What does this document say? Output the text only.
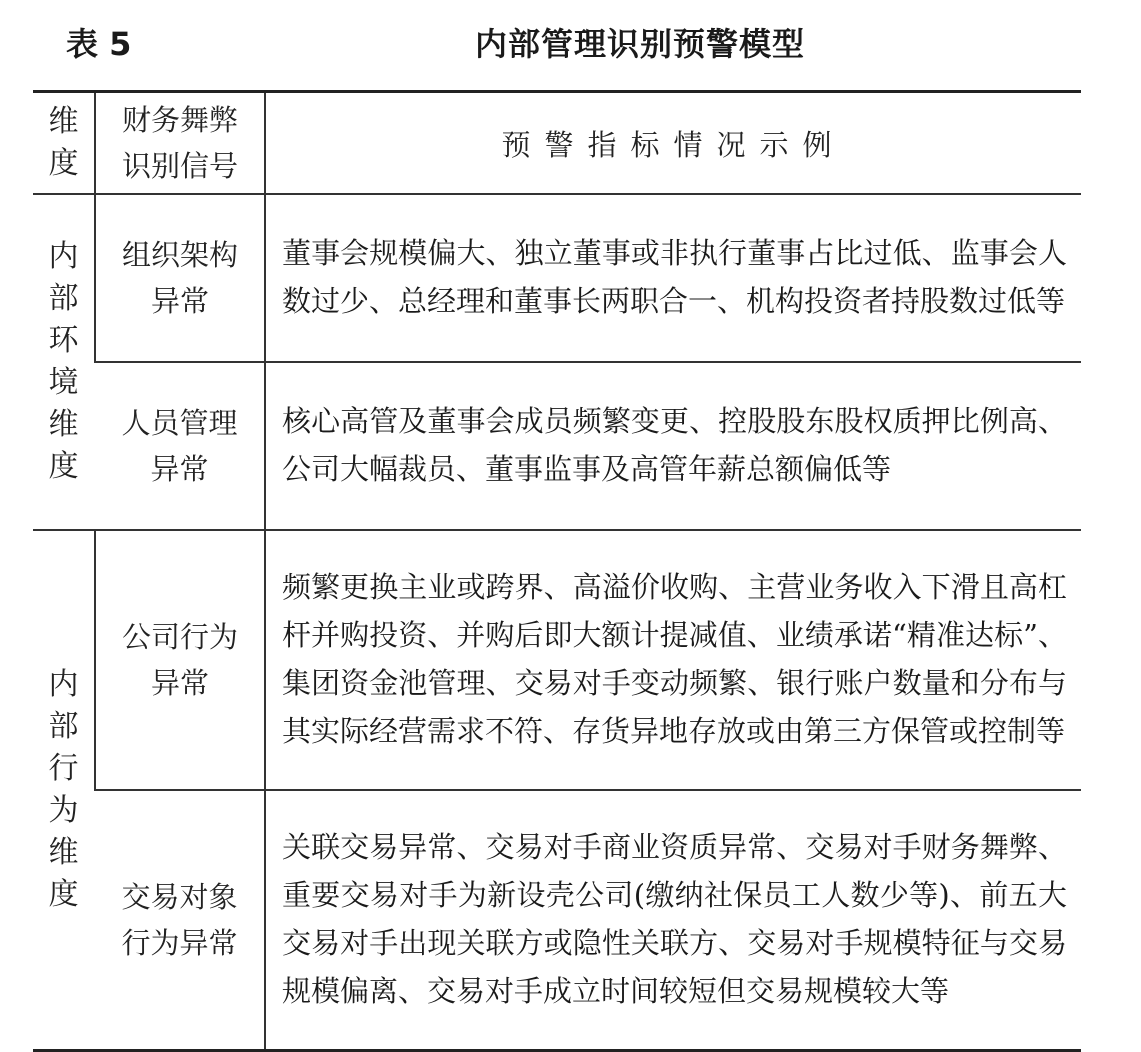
表 5	内部管理识别预警模型
维度	财务舞弊识别信号	预警指标情况示例
内部环境维度	组织架构异常	董事会规模偏大、独立董事或非执行董事占比过低、监事会人数过少、总经理和董事长两职合一、机构投资者持股数过低等
	人员管理异常	核心高管及董事会成员频繁变更、控股股东股权质押比例高、公司大幅裁员、董事监事及高管年薪总额偏低等
内部行为维度	公司行为异常	频繁更换主业或跨界、高溢价收购、主营业务收入下滑且高杠杆并购投资、并购后即大额计提减值、业绩承诺“精准达标”、集团资金池管理、交易对手变动频繁、银行账户数量和分布与其实际经营需求不符、存货异地存放或由第三方保管或控制等
	交易对象行为异常	关联交易异常、交易对手商业资质异常、交易对手财务舞弊、重要交易对手为新设壳公司(缴纳社保员工人数少等)、前五大交易对手出现关联方或隐性关联方、交易对手规模特征与交易规模偏离、交易对手成立时间较短但交易规模较大等
